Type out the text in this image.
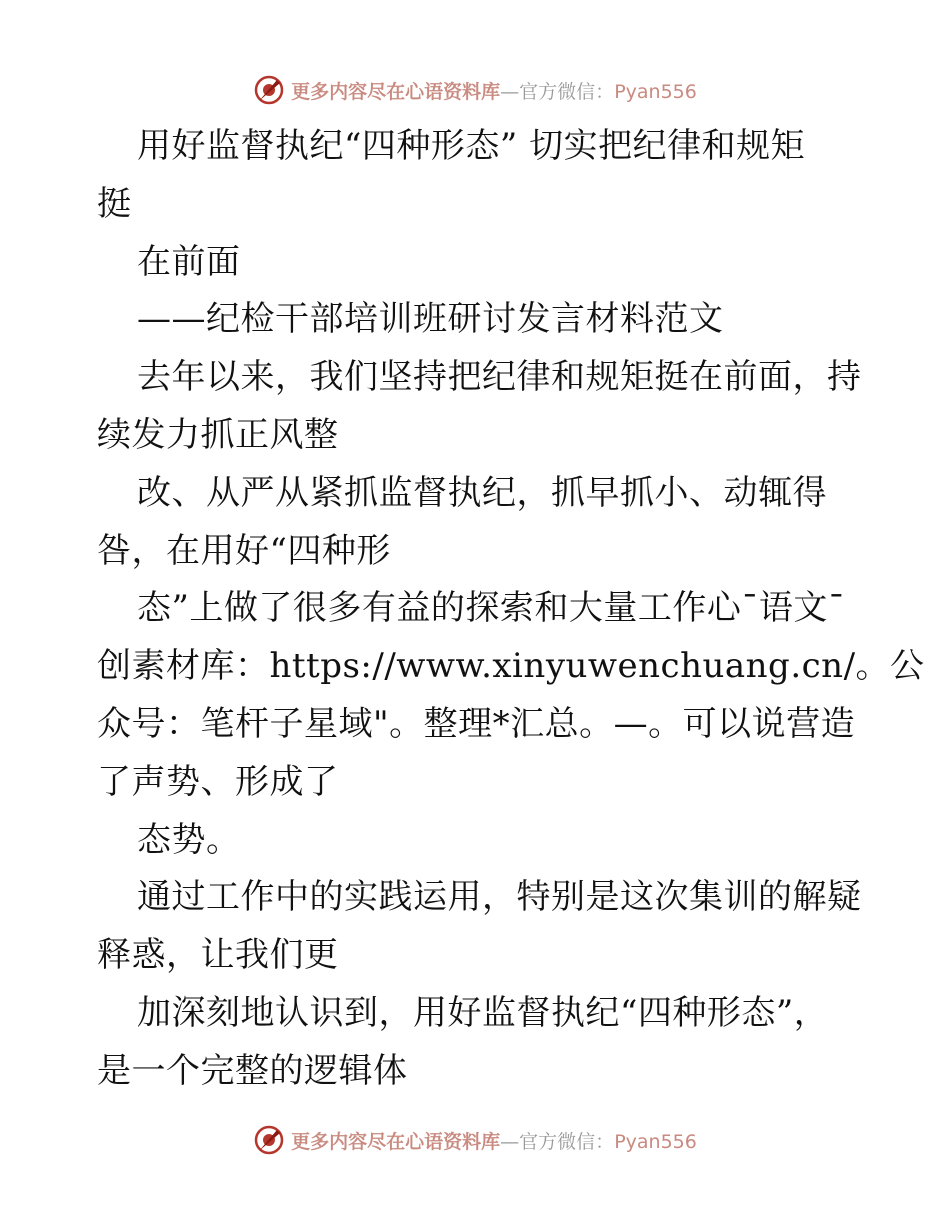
更多内容尽在心语资料库—官方微信：Pyan556
用好监督执纪“四种形态” 切实把纪律和规矩
挺
在前面
——纪检干部培训班研讨发言材料范文
去年以来，我们坚持把纪律和规矩挺在前面，持
续发力抓正风整
改、从严从紧抓监督执纪，抓早抓小、动辄得
咎，在用好“四种形
态”上做了很多有益的探索和大量工作心¯语文¯
创素材库：https://www.xinyuwenchuang.cn/。公
众号：笔杆子星域"。整理*汇总。—。可以说营造
了声势、形成了
态势。
通过工作中的实践运用，特别是这次集训的解疑
释惑，让我们更
加深刻地认识到，用好监督执纪“四种形态”，
是一个完整的逻辑体
更多内容尽在心语资料库—官方微信：Pyan556
